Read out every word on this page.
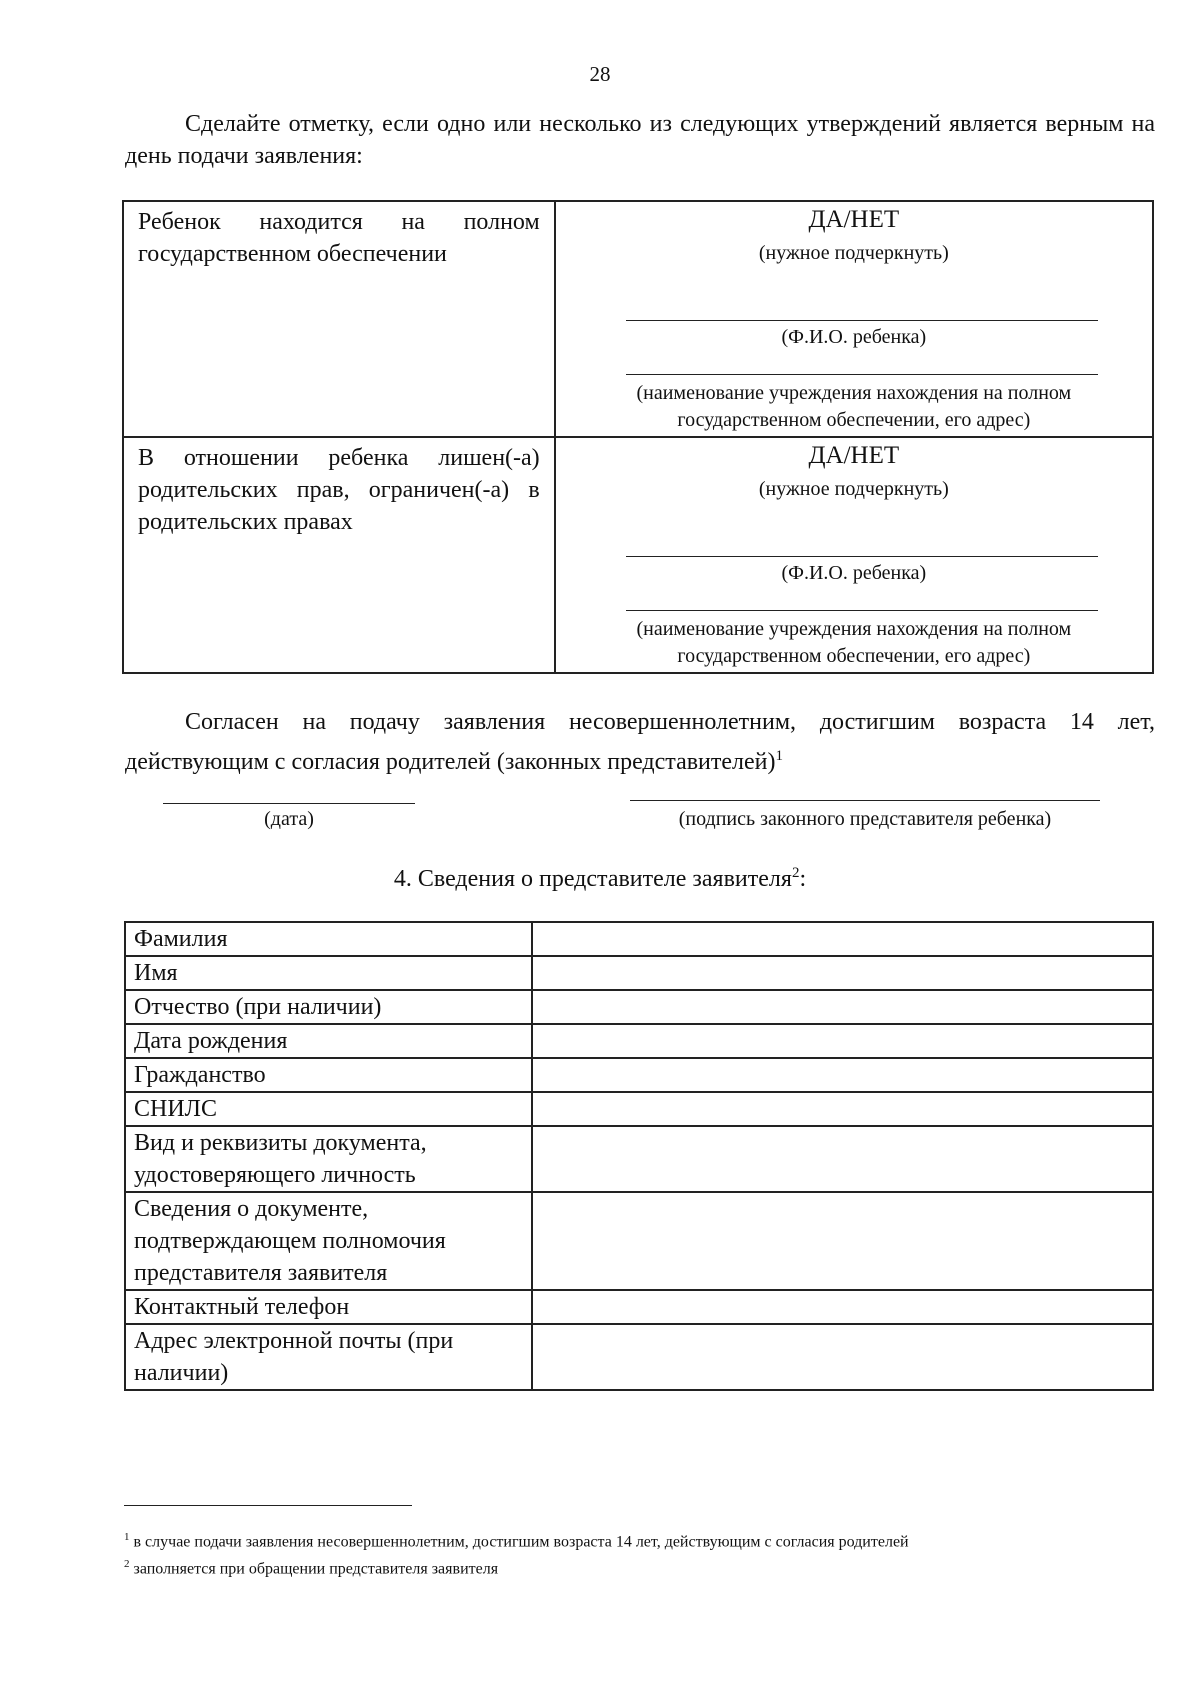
28
Сделайте отметку, если одно или несколько из следующих утверждений является верным на день подачи заявления:
Ребенок находится на полном государственном обеспечении	ДА/НЕТ
(нужное подчеркнуть)
(Ф.И.О. ребенка)
(наименование учреждения нахождения на полном государственном обеспечении, его адрес)

В отношении ребенка лишен(-а) родительских прав, ограничен(-а) в родительских правах	ДА/НЕТ
(нужное подчеркнуть)
(Ф.И.О. ребенка)
(наименование учреждения нахождения на полном государственном обеспечении, его адрес)
Согласен на подачу заявления несовершеннолетним, достигшим возраста 14 лет, действующим с согласия родителей (законных представителей)$^1$
(дата)	(подпись законного представителя ребенка)
4. Сведения о представителе заявителя$^2$:
Фамилия	
Имя	
Отчество (при наличии)	
Дата рождения	
Гражданство	
СНИЛС	
Вид и реквизиты документа, удостоверяющего личность	
Сведения о документе, подтверждающем полномочия представителя заявителя	
Контактный телефон	
Адрес электронной почты (при наличии)	
$^1$ в случае подачи заявления несовершеннолетним, достигшим возраста 14 лет, действующим с согласия родителей
$^2$ заполняется при обращении представителя заявителя
